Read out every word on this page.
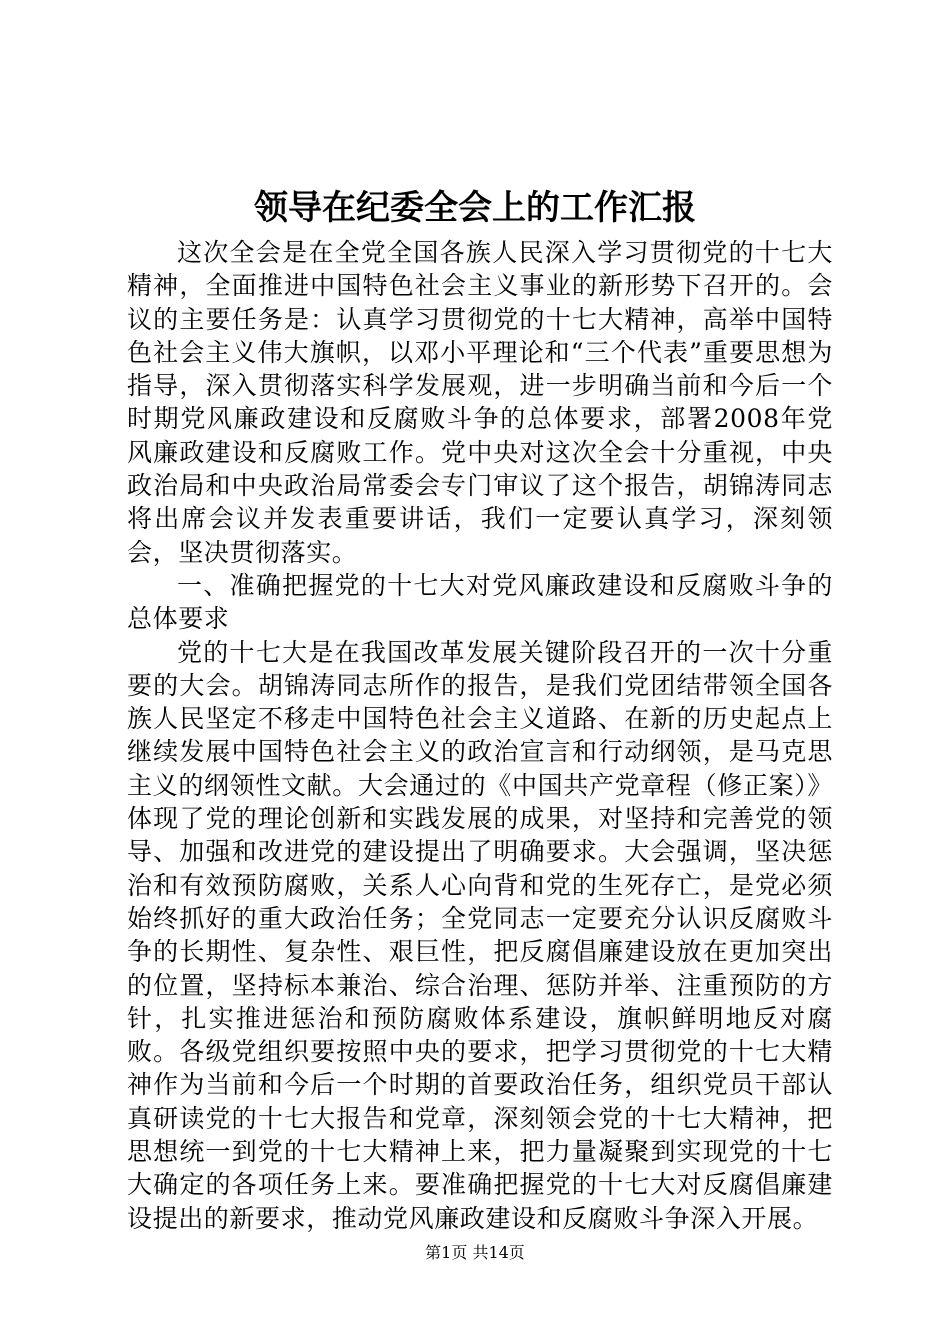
领导在纪委全会上的工作汇报

这次全会是在全党全国各族人民深入学习贯彻党的十七大精神，全面推进中国特色社会主义事业的新形势下召开的。会议的主要任务是：认真学习贯彻党的十七大精神，高举中国特色社会主义伟大旗帜，以邓小平理论和“三个代表”重要思想为指导，深入贯彻落实科学发展观，进一步明确当前和今后一个时期党风廉政建设和反腐败斗争的总体要求，部署2008年党风廉政建设和反腐败工作。党中央对这次全会十分重视，中央政治局和中央政治局常委会专门审议了这个报告，胡锦涛同志将出席会议并发表重要讲话，我们一定要认真学习，深刻领会，坚决贯彻落实。

一、准确把握党的十七大对党风廉政建设和反腐败斗争的总体要求

党的十七大是在我国改革发展关键阶段召开的一次十分重要的大会。胡锦涛同志所作的报告，是我们党团结带领全国各族人民坚定不移走中国特色社会主义道路、在新的历史起点上继续发展中国特色社会主义的政治宣言和行动纲领，是马克思主义的纲领性文献。大会通过的《中国共产党章程（修正案）》体现了党的理论创新和实践发展的成果，对坚持和完善党的领导、加强和改进党的建设提出了明确要求。大会强调，坚决惩治和有效预防腐败，关系人心向背和党的生死存亡，是党必须始终抓好的重大政治任务；全党同志一定要充分认识反腐败斗争的长期性、复杂性、艰巨性，把反腐倡廉建设放在更加突出的位置，坚持标本兼治、综合治理、惩防并举、注重预防的方针，扎实推进惩治和预防腐败体系建设，旗帜鲜明地反对腐败。各级党组织要按照中央的要求，把学习贯彻党的十七大精神作为当前和今后一个时期的首要政治任务，组织党员干部认真研读党的十七大报告和党章，深刻领会党的十七大精神，把思想统一到党的十七大精神上来，把力量凝聚到实现党的十七大确定的各项任务上来。要准确把握党的十七大对反腐倡廉建设提出的新要求，推动党风廉政建设和反腐败斗争深入开展。

第1页 共14页
